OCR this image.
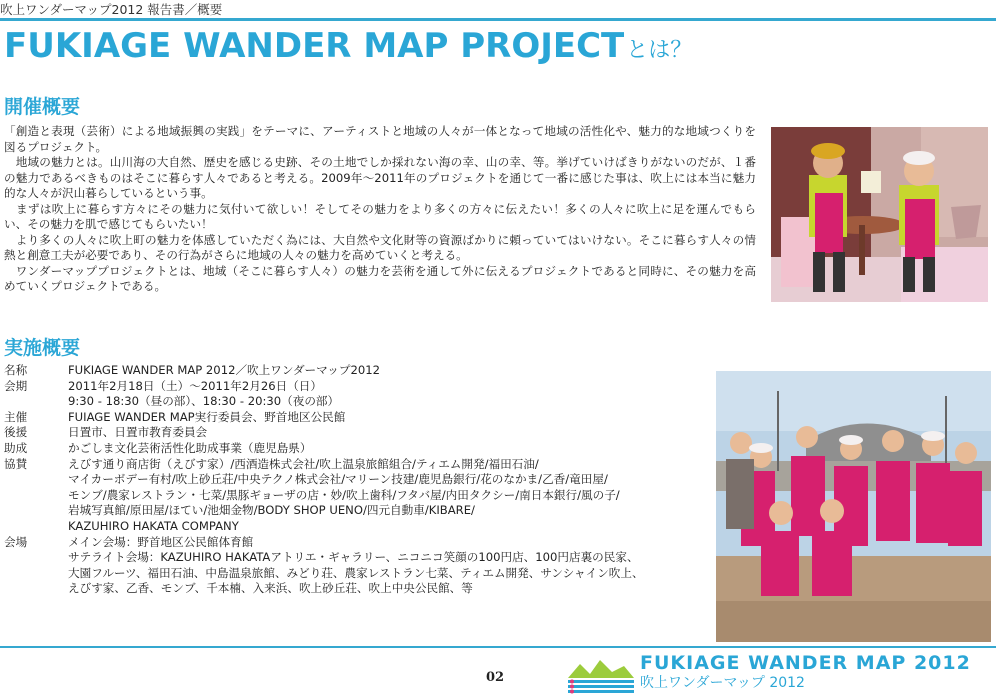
吹上ワンダーマップ2012 報告書／概要
FUKIAGE WANDER MAP PROJECTとは？
開催概要

「創造と表現（芸術）による地域振興の実践」をテーマに、アーティストと地域の人々が一体となって地域の活性化や、魅力的な地域つくりを図るプロジェクト。

　地域の魅力とは。山川海の大自然、歴史を感じる史跡、その土地でしか採れない海の幸、山の幸、等。挙げていけばきりがないのだが、１番の魅力であるべきものはそこに暮らす人々であると考える。2009年〜2011年のプロジェクトを通じて一番に感じた事は、吹上には本当に魅力的な人々が沢山暮らしているという事。

　まずは吹上に暮らす方々にその魅力に気付いて欲しい！そしてその魅力をより多くの方々に伝えたい！多くの人々に吹上に足を運んでもらい、その魅力を肌で感じてもらいたい！

　より多くの人々に吹上町の魅力を体感していただく為には、大自然や文化財等の資源ばかりに頼っていてはいけない。そこに暮らす人々の情熱と創意工夫が必要であり、その行為がさらに地域の人々の魅力を高めていくと考える。

　ワンダーマッププロジェクトとは、地域（そこに暮らす人々）の魅力を芸術を通して外に伝えるプロジェクトであると同時に、その魅力を高めていくプロジェクトである。

実施概要
名称	FUKIAGE WANDER MAP 2012／吹上ワンダーマップ2012
会期	2011年2月18日（土）〜2011年2月26日（日）
9:30 - 18:30（昼の部）、18:30 - 20:30（夜の部）
主催	FUIAGE WANDER MAP実行委員会、野首地区公民館
後援	日置市、日置市教育委員会
助成	かごしま文化芸術活性化助成事業（鹿児島県）
協賛	えびす通り商店街（えびす家）/西酒造株式会社/吹上温泉旅館組合/ティエム開発/福田石油/
マイカーボデー有村/吹上砂丘荘/中央テクノ株式会社/マリーン技建/鹿児島銀行/花のなかま/乙香/竜田屋/
モンブ/農家レストラン・七菜/黒豚ギョーザの店・妙/吹上歯科/フタバ屋/内田タクシー/南日本銀行/風の子/
岩城写真館/原田屋/ほてい/池畑金物/BODY SHOP UENO/四元自動車/KIBARE/
KAZUHIRO HAKATA COMPANY
会場	メイン会場：野首地区公民館体育館
サテライト会場：KAZUHIRO HAKATAアトリエ・ギャラリー、ニコニコ笑顔の100円店、100円店裏の民家、
大園フルーツ、福田石油、中島温泉旅館、みどり荘、農家レストラン七菜、ティエム開発、サンシャイン吹上、
えびす家、乙香、モンブ、千本楠、入来浜、吹上砂丘荘、吹上中央公民館、等
02
FUKIAGE WANDER MAP 2012
吹上ワンダーマップ 2012
